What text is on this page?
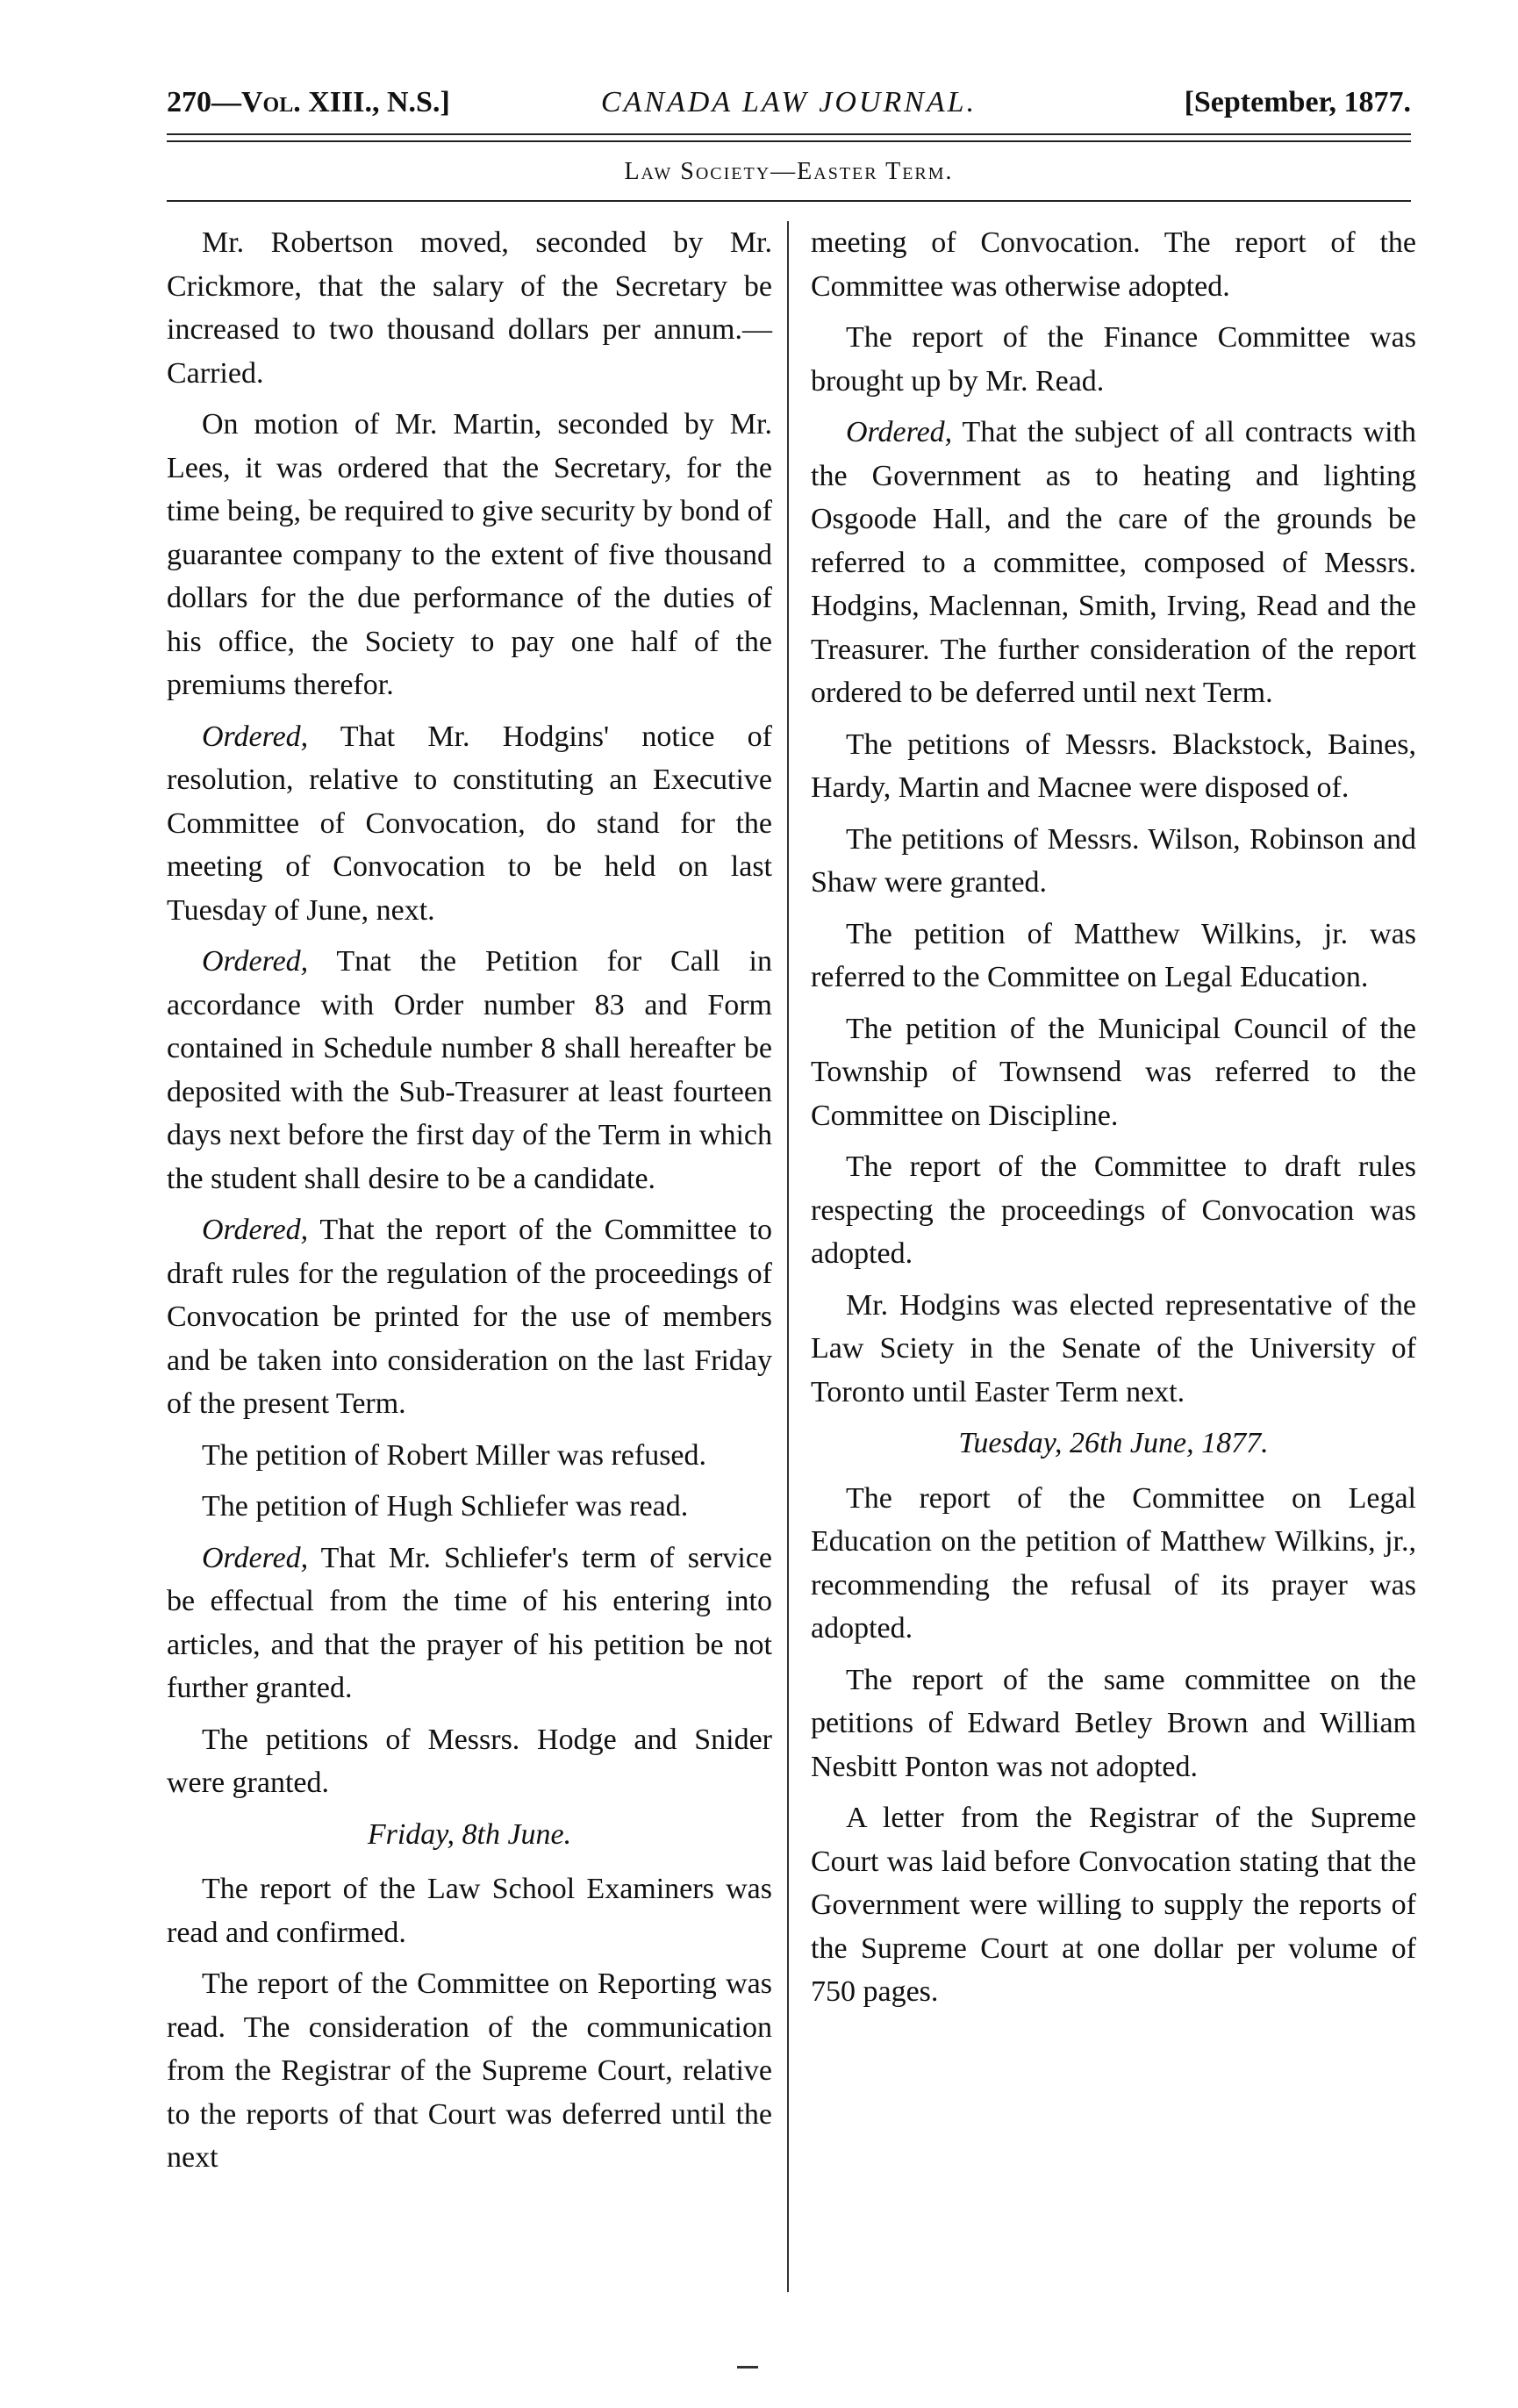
270—Vol. XIII., N.S.]	CANADA LAW JOURNAL.	[September, 1877.
Law Society—Easter Term.

Mr. Robertson moved, seconded by Mr. Crickmore, that the salary of the Secretary be increased to two thousand dollars per annum.—Carried.

On motion of Mr. Martin, seconded by Mr. Lees, it was ordered that the Secretary, for the time being, be required to give security by bond of guarantee company to the extent of five thousand dollars for the due performance of the duties of his office, the Society to pay one half of the premiums therefor.

Ordered, That Mr. Hodgins' notice of resolution, relative to constituting an Executive Committee of Convocation, do stand for the meeting of Convocation to be held on last Tuesday of June, next.

Ordered, Tnat the Petition for Call in accordance with Order number 83 and Form contained in Schedule number 8 shall hereafter be deposited with the Sub-Treasurer at least fourteen days next before the first day of the Term in which the student shall desire to be a candidate.

Ordered, That the report of the Committee to draft rules for the regulation of the proceedings of Convocation be printed for the use of members and be taken into consideration on the last Friday of the present Term.

The petition of Robert Miller was refused.

The petition of Hugh Schliefer was read.

Ordered, That Mr. Schliefer's term of service be effectual from the time of his entering into articles, and that the prayer of his petition be not further granted.

The petitions of Messrs. Hodge and Snider were granted.

Friday, 8th June.

The report of the Law School Examiners was read and confirmed.

The report of the Committee on Reporting was read. The consideration of the communication from the Registrar of the Supreme Court, relative to the reports of that Court was deferred until the next

meeting of Convocation. The report of the Committee was otherwise adopted.

The report of the Finance Committee was brought up by Mr. Read.

Ordered, That the subject of all contracts with the Government as to heating and lighting Osgoode Hall, and the care of the grounds be referred to a committee, composed of Messrs. Hodgins, Maclennan, Smith, Irving, Read and the Treasurer. The further consideration of the report ordered to be deferred until next Term.

The petitions of Messrs. Blackstock, Baines, Hardy, Martin and Macnee were disposed of.

The petitions of Messrs. Wilson, Robinson and Shaw were granted.

The petition of Matthew Wilkins, jr. was referred to the Committee on Legal Education.

The petition of the Municipal Council of the Township of Townsend was referred to the Committee on Discipline.

The report of the Committee to draft rules respecting the proceedings of Convocation was adopted.

Mr. Hodgins was elected representative of the Law Sciety in the Senate of the University of Toronto until Easter Term next.

Tuesday, 26th June, 1877.

The report of the Committee on Legal Education on the petition of Matthew Wilkins, jr., recommending the refusal of its prayer was adopted.

The report of the same committee on the petitions of Edward Betley Brown and William Nesbitt Ponton was not adopted.

A letter from the Registrar of the Supreme Court was laid before Convocation stating that the Government were willing to supply the reports of the Supreme Court at one dollar per volume of 750 pages.
